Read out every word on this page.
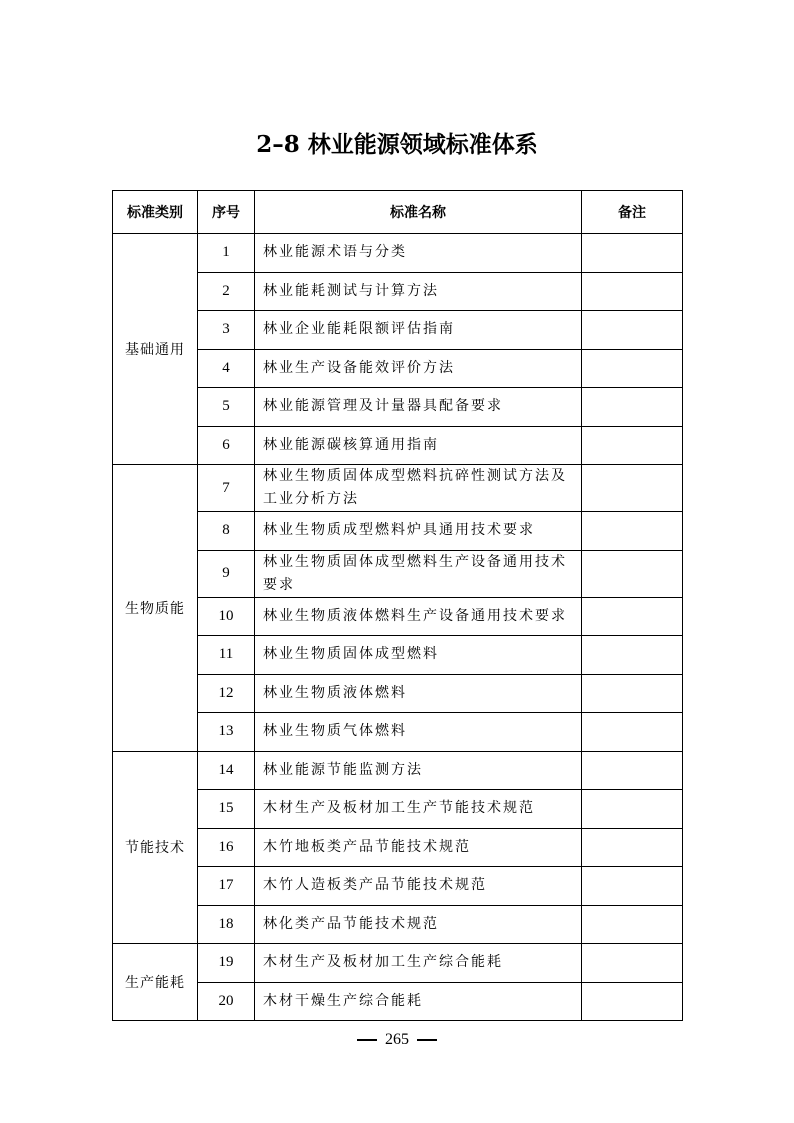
2–8 林业能源领域标准体系
标准类别	序号	标准名称	备注
基础通用	1	林业能源术语与分类	
	2	林业能耗测试与计算方法	
	3	林业企业能耗限额评估指南	
	4	林业生产设备能效评价方法	
	5	林业能源管理及计量器具配备要求	
	6	林业能源碳核算通用指南	
生物质能	7	林业生物质固体成型燃料抗碎性测试方法及工业分析方法	
	8	林业生物质成型燃料炉具通用技术要求	
	9	林业生物质固体成型燃料生产设备通用技术要求	
	10	林业生物质液体燃料生产设备通用技术要求	
	11	林业生物质固体成型燃料	
	12	林业生物质液体燃料	
	13	林业生物质气体燃料	
节能技术	14	林业能源节能监测方法	
	15	木材生产及板材加工生产节能技术规范	
	16	木竹地板类产品节能技术规范	
	17	木竹人造板类产品节能技术规范	
	18	林化类产品节能技术规范	
生产能耗	19	木材生产及板材加工生产综合能耗	
	20	木材干燥生产综合能耗	
265
